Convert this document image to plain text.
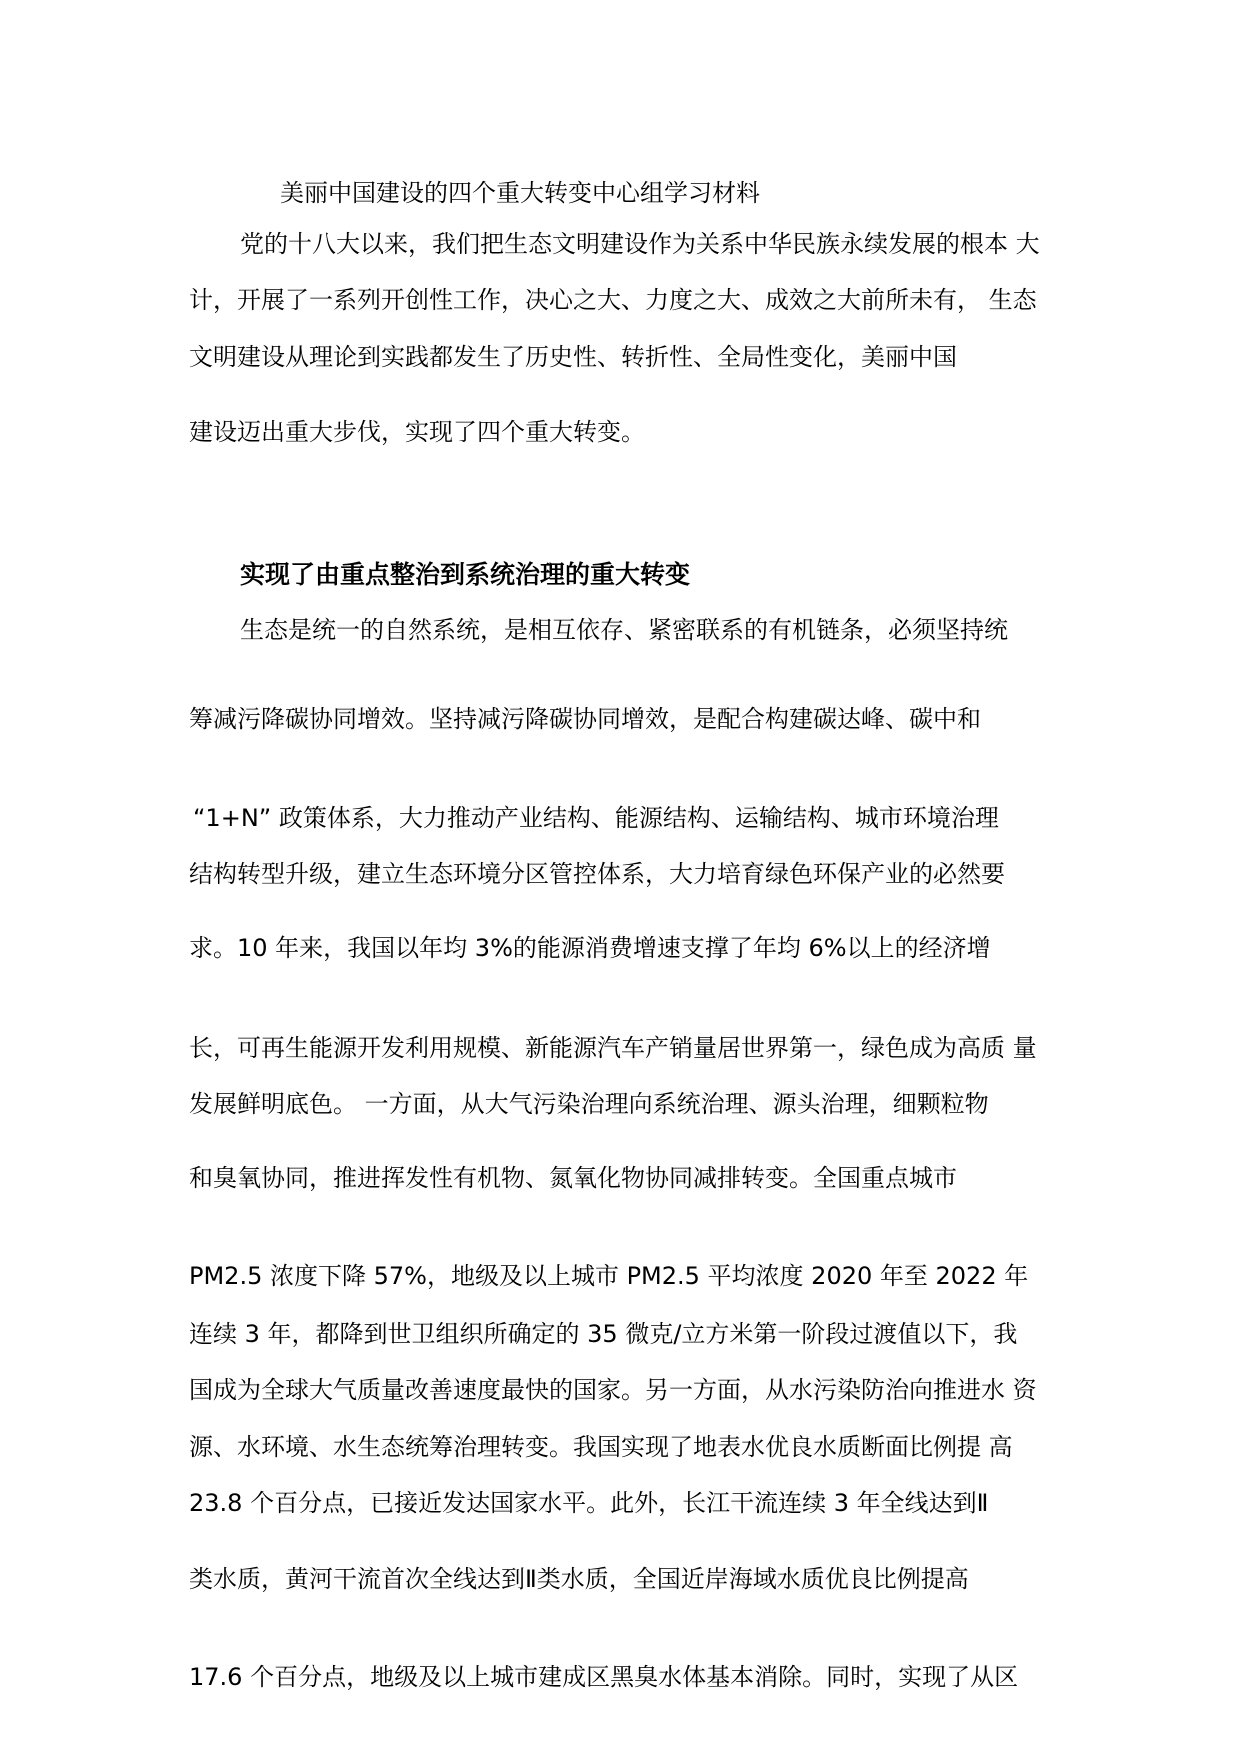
美丽中国建设的四个重大转变中心组学习材料

党的十八大以来，我们把生态文明建设作为关系中华民族永续发展的根本 大

计，开展了一系列开创性工作，决心之大、力度之大、成效之大前所未有， 生态

文明建设从理论到实践都发生了历史性、转折性、全局性变化，美丽中国

建设迈出重大步伐，实现了四个重大转变。

实现了由重点整治到系统治理的重大转变

生态是统一的自然系统，是相互依存、紧密联系的有机链条，必须坚持统

筹减污降碳协同增效。坚持减污降碳协同增效，是配合构建碳达峰、碳中和

“1+N” 政策体系，大力推动产业结构、能源结构、运输结构、城市环境治理

结构转型升级，建立生态环境分区管控体系，大力培育绿色环保产业的必然要

求。10 年来，我国以年均 3%的能源消费增速支撑了年均 6%以上的经济增

长，可再生能源开发利用规模、新能源汽车产销量居世界第一，绿色成为高质 量

发展鲜明底色。 一方面，从大气污染治理向系统治理、源头治理，细颗粒物

和臭氧协同，推进挥发性有机物、氮氧化物协同减排转变。全国重点城市

PM2.5 浓度下降 57%，地级及以上城市 PM2.5 平均浓度 2020 年至 2022 年

连续 3 年，都降到世卫组织所确定的 35 微克/立方米第一阶段过渡值以下，我

国成为全球大气质量改善速度最快的国家。另一方面，从水污染防治向推进水 资

源、水环境、水生态统筹治理转变。我国实现了地表水优良水质断面比例提 高

23.8 个百分点，已接近发达国家水平。此外，长江干流连续 3 年全线达到Ⅱ

类水质，黄河干流首次全线达到Ⅱ类水质，全国近岸海域水质优良比例提高

17.6 个百分点，地级及以上城市建成区黑臭水体基本消除。同时，实现了从区
